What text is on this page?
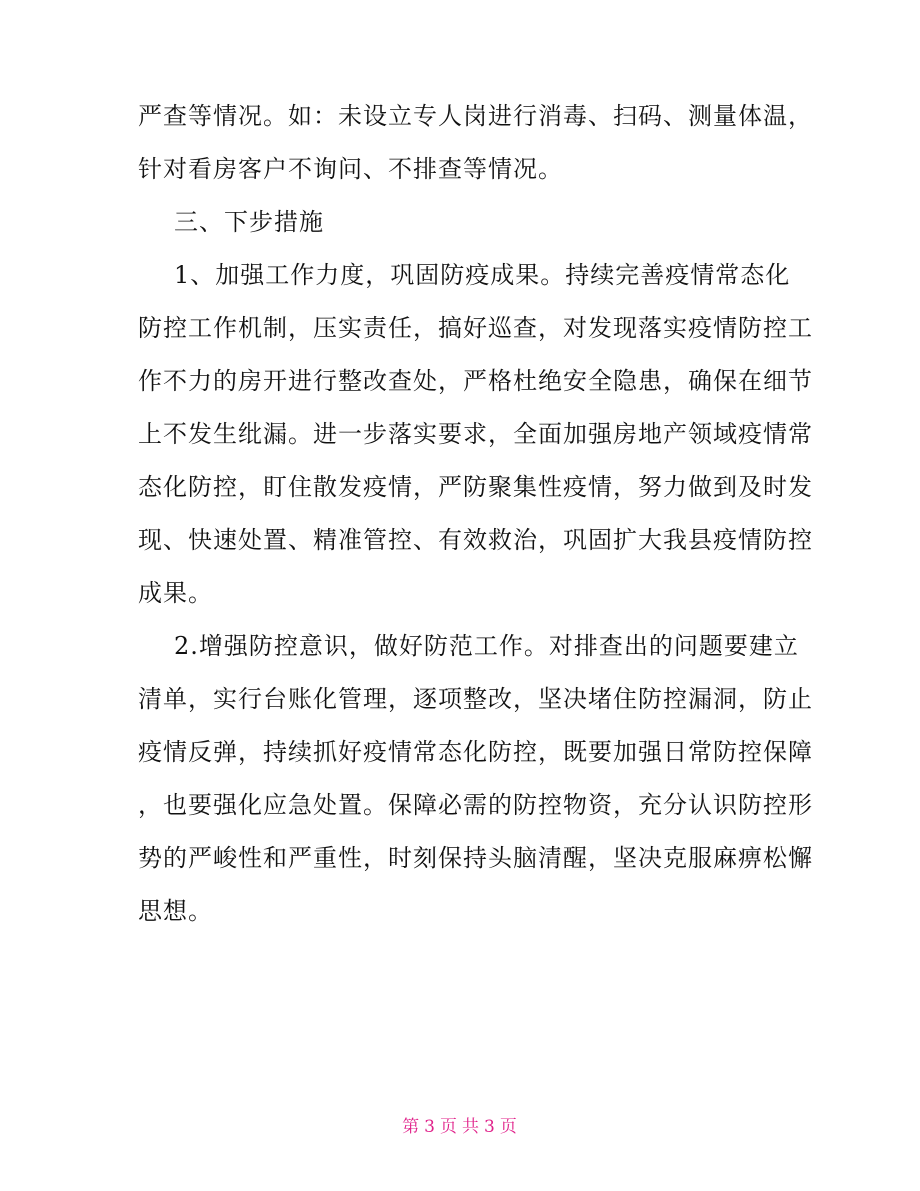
严查等情况。如：未设立专人岗进行消毒、扫码、测量体温，
针对看房客户不询问、不排查等情况。
三、下步措施
1、加强工作力度，巩固防疫成果。持续完善疫情常态化
防控工作机制，压实责任，搞好巡查，对发现落实疫情防控工
作不力的房开进行整改查处，严格杜绝安全隐患，确保在细节
上不发生纰漏。进一步落实要求，全面加强房地产领域疫情常
态化防控，盯住散发疫情，严防聚集性疫情，努力做到及时发
现、快速处置、精准管控、有效救治，巩固扩大我县疫情防控
成果。
2.增强防控意识，做好防范工作。对排查出的问题要建立
清单，实行台账化管理，逐项整改，坚决堵住防控漏洞，防止
疫情反弹，持续抓好疫情常态化防控，既要加强日常防控保障
，也要强化应急处置。保障必需的防控物资，充分认识防控形
势的严峻性和严重性，时刻保持头脑清醒，坚决克服麻痹松懈
思想。
第 3 页 共 3 页
